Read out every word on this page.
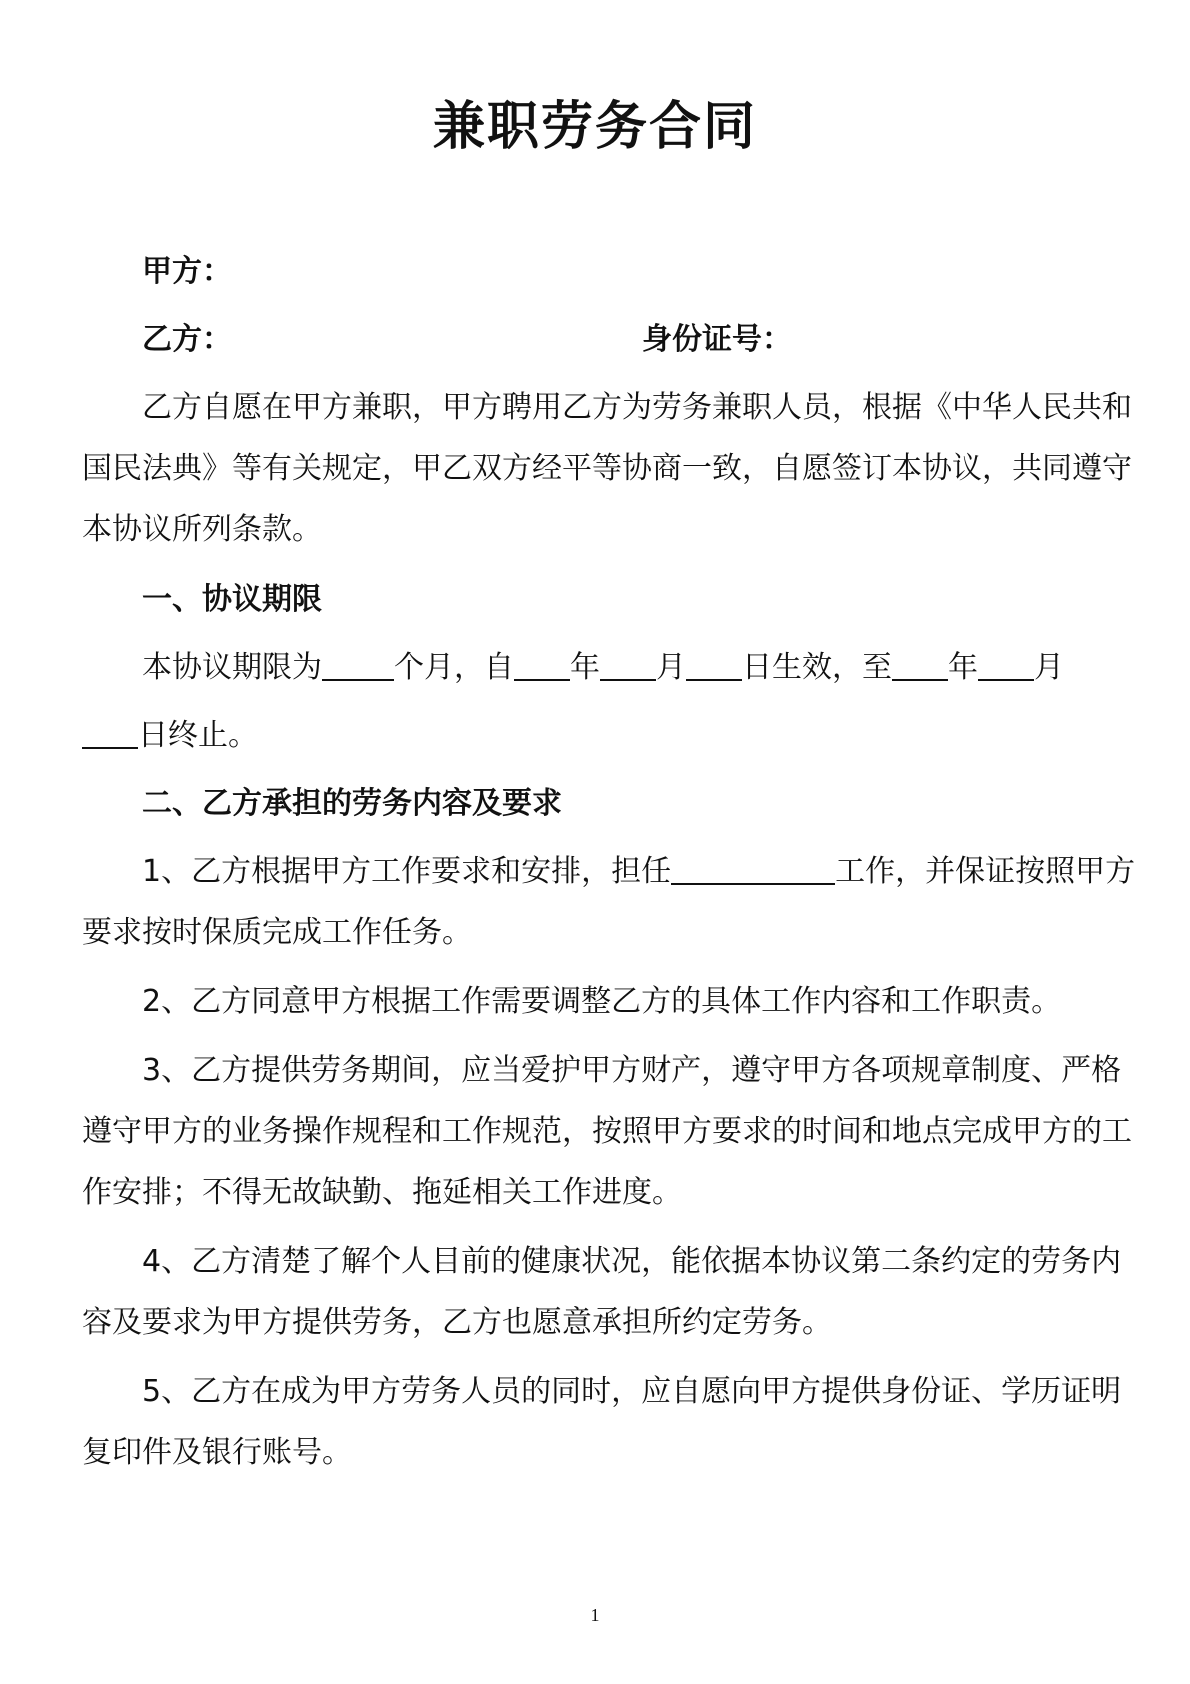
兼职劳务合同
甲方：
乙方：	身份证号：
乙方自愿在甲方兼职，甲方聘用乙方为劳务兼职人员，根据《中华人民共和
国民法典》等有关规定，甲乙双方经平等协商一致，自愿签订本协议，共同遵守
本协议所列条款。
一、协议期限
本协议期限为 个月，自 年 月 日生效，至 年 月
日终止。
二、乙方承担的劳务内容及要求
1、乙方根据甲方工作要求和安排，担任	工作，并保证按照甲方
要求按时保质完成工作任务。
2、乙方同意甲方根据工作需要调整乙方的具体工作内容和工作职责。
3、乙方提供劳务期间，应当爱护甲方财产，遵守甲方各项规章制度、严格
遵守甲方的业务操作规程和工作规范，按照甲方要求的时间和地点完成甲方的工
作安排；不得无故缺勤、拖延相关工作进度。
4、乙方清楚了解个人目前的健康状况，能依据本协议第二条约定的劳务内
容及要求为甲方提供劳务，乙方也愿意承担所约定劳务。
5、乙方在成为甲方劳务人员的同时，应自愿向甲方提供身份证、学历证明
复印件及银行账号。
1
